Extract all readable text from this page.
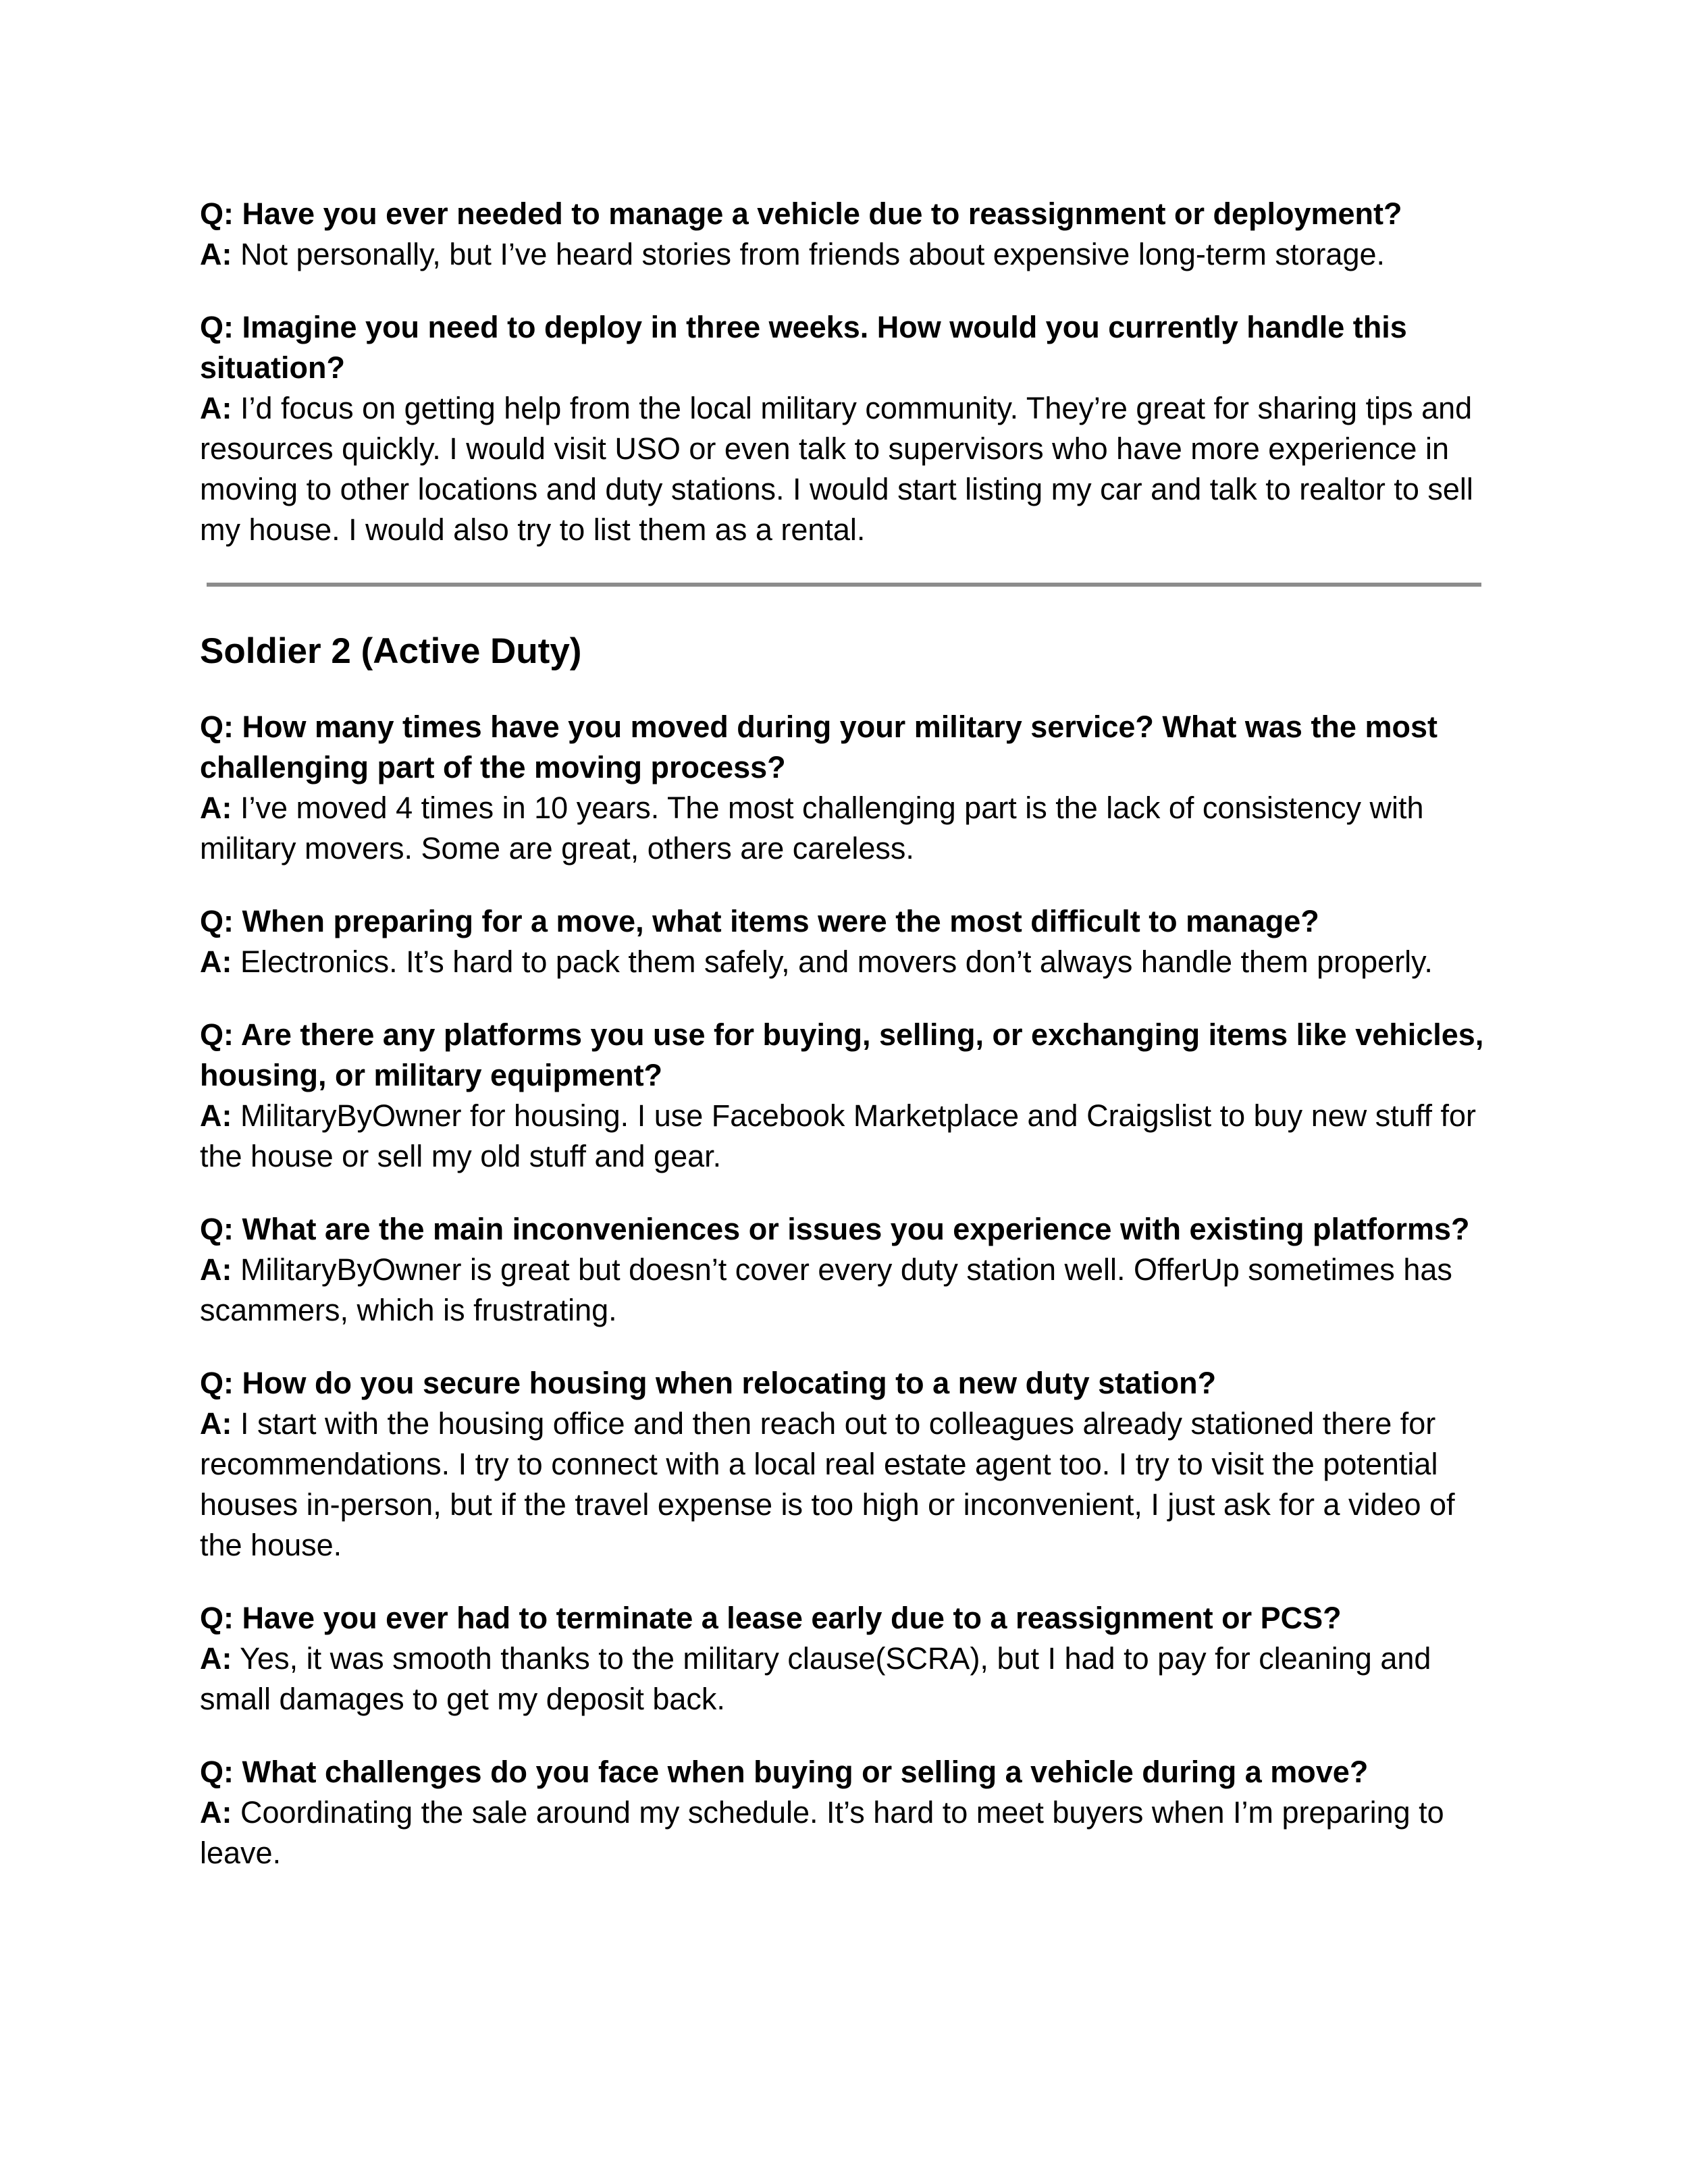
Q: Have you ever needed to manage a vehicle due to reassignment or deployment?

A: Not personally, but I’ve heard stories from friends about expensive long-term storage.

Q: Imagine you need to deploy in three weeks. How would you currently handle this situation?

A: I’d focus on getting help from the local military community. They’re great for sharing tips and resources quickly. I would visit USO or even talk to supervisors who have more experience in moving to other locations and duty stations. I would start listing my car and talk to realtor to sell my house. I would also try to list them as a rental.

Soldier 2 (Active Duty)

Q: How many times have you moved during your military service? What was the most challenging part of the moving process?

A: I’ve moved 4 times in 10 years. The most challenging part is the lack of consistency with military movers. Some are great, others are careless.

Q: When preparing for a move, what items were the most difficult to manage?

A: Electronics. It’s hard to pack them safely, and movers don’t always handle them properly.

Q: Are there any platforms you use for buying, selling, or exchanging items like vehicles, housing, or military equipment?

A: MilitaryByOwner for housing. I use Facebook Marketplace and Craigslist to buy new stuff for the house or sell my old stuff and gear.

Q: What are the main inconveniences or issues you experience with existing platforms?

A: MilitaryByOwner is great but doesn’t cover every duty station well. OfferUp sometimes has scammers, which is frustrating.

Q: How do you secure housing when relocating to a new duty station?

A: I start with the housing office and then reach out to colleagues already stationed there for recommendations. I try to connect with a local real estate agent too. I try to visit the potential houses in-person, but if the travel expense is too high or inconvenient, I just ask for a video of the house.

Q: Have you ever had to terminate a lease early due to a reassignment or PCS?

A: Yes, it was smooth thanks to the military clause(SCRA), but I had to pay for cleaning and small damages to get my deposit back.

Q: What challenges do you face when buying or selling a vehicle during a move?

A: Coordinating the sale around my schedule. It’s hard to meet buyers when I’m preparing to leave.
